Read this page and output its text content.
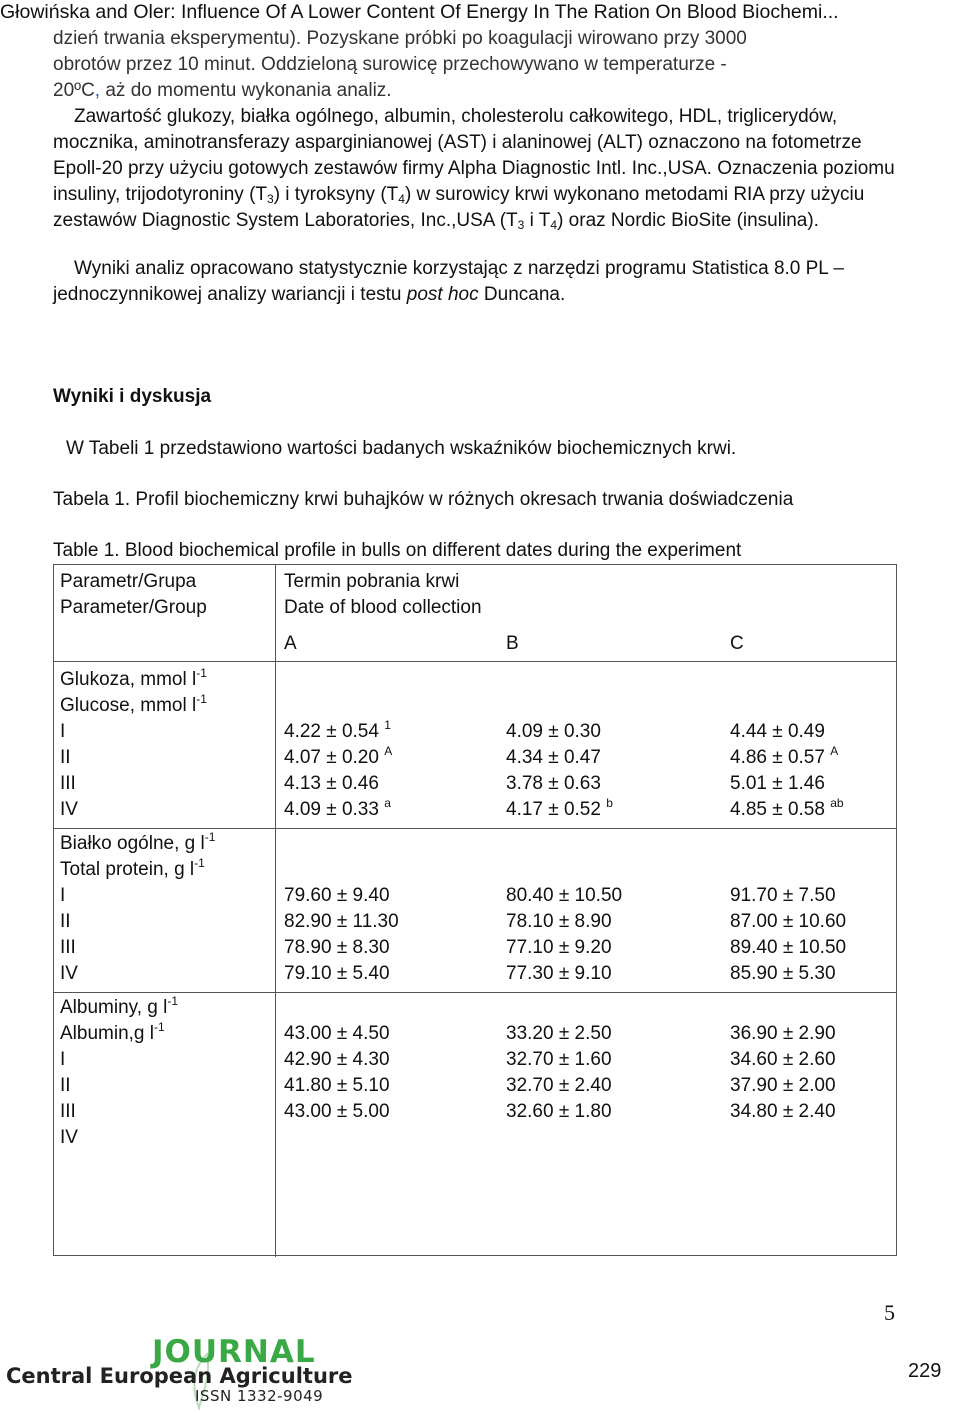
Głowińska and Oler: Influence Of A Lower Content Of Energy In The Ration On Blood Biochemi...
dzień trwania eksperymentu). Pozyskane próbki po koagulacji wirowano przy 3000
obrotów przez 10 minut. Oddzieloną surowicę przechowywano w temperaturze -
20ºC, aż do momentu wykonania analiz.
Zawartość glukozy, białka ogólnego, albumin, cholesterolu całkowitego, HDL, triglicerydów, mocznika, aminotransferazy asparginianowej (AST) i alaninowej (ALT) oznaczono na fotometrze Epoll-20 przy użyciu gotowych zestawów firmy Alpha Diagnostic Intl. Inc.,USA. Oznaczenia poziomu insuliny, trijodotyroniny $(T_3)$ i tyroksyny $(T_4)$ w surowicy krwi wykonano metodami RIA przy użyciu zestawów Diagnostic System Laboratories, Inc.,USA ($T_3$ i $T_4$) oraz Nordic BioSite (insulina).
Wyniki analiz opracowano statystycznie korzystając z narzędzi programu Statistica 8.0 PL – jednoczynnikowej analizy wariancji i testu post hoc Duncana.
Wyniki i dyskusja
W Tabeli 1 przedstawiono wartości badanych wskaźników biochemicznych krwi.
Tabela 1. Profil biochemiczny krwi buhajków w różnych okresach trwania doświadczenia
Table 1. Blood biochemical profile in bulls on different dates during the experiment
Parametr/Grupa
Parameter/Group
Termin pobrania krwi
Date of blood collection
A	B	C
Glukoza, mmol $l^{-1}$
Glucose, mmol $l^{-1}$
I
II
III
IV
4.22 ± 0.54 $^1$
4.07 ± 0.20 $^A$
4.13 ± 0.46
4.09 ± 0.33 $^a$
4.09 ± 0.30
4.34 ± 0.47
3.78 ± 0.63
4.17 ± 0.52 $^b$
4.44 ± 0.49
4.86 ± 0.57 $^A$
5.01 ± 1.46
4.85 ± 0.58 $^{ab}$
Białko ogólne, g $l^{-1}$
Total protein, g $l^{-1}$
I
II
III
IV
79.60 ± 9.40
82.90 ± 11.30
78.90 ± 8.30
79.10 ± 5.40
80.40 ± 10.50
78.10 ± 8.90
77.10 ± 9.20
77.30 ± 9.10
91.70 ± 7.50
87.00 ± 10.60
89.40 ± 10.50
85.90 ± 5.30
Albuminy, g $l^{-1}$
Albumin,g $l^{-1}$
I
II
III
IV
43.00 ± 4.50
42.90 ± 4.30
41.80 ± 5.10
43.00 ± 5.00
33.20 ± 2.50
32.70 ± 1.60
32.70 ± 2.40
32.60 ± 1.80
36.90 ± 2.90
34.60 ± 2.60
37.90 ± 2.00
34.80 ± 2.40
5
229
JOURNAL
Central European Agriculture
ISSN 1332-9049
